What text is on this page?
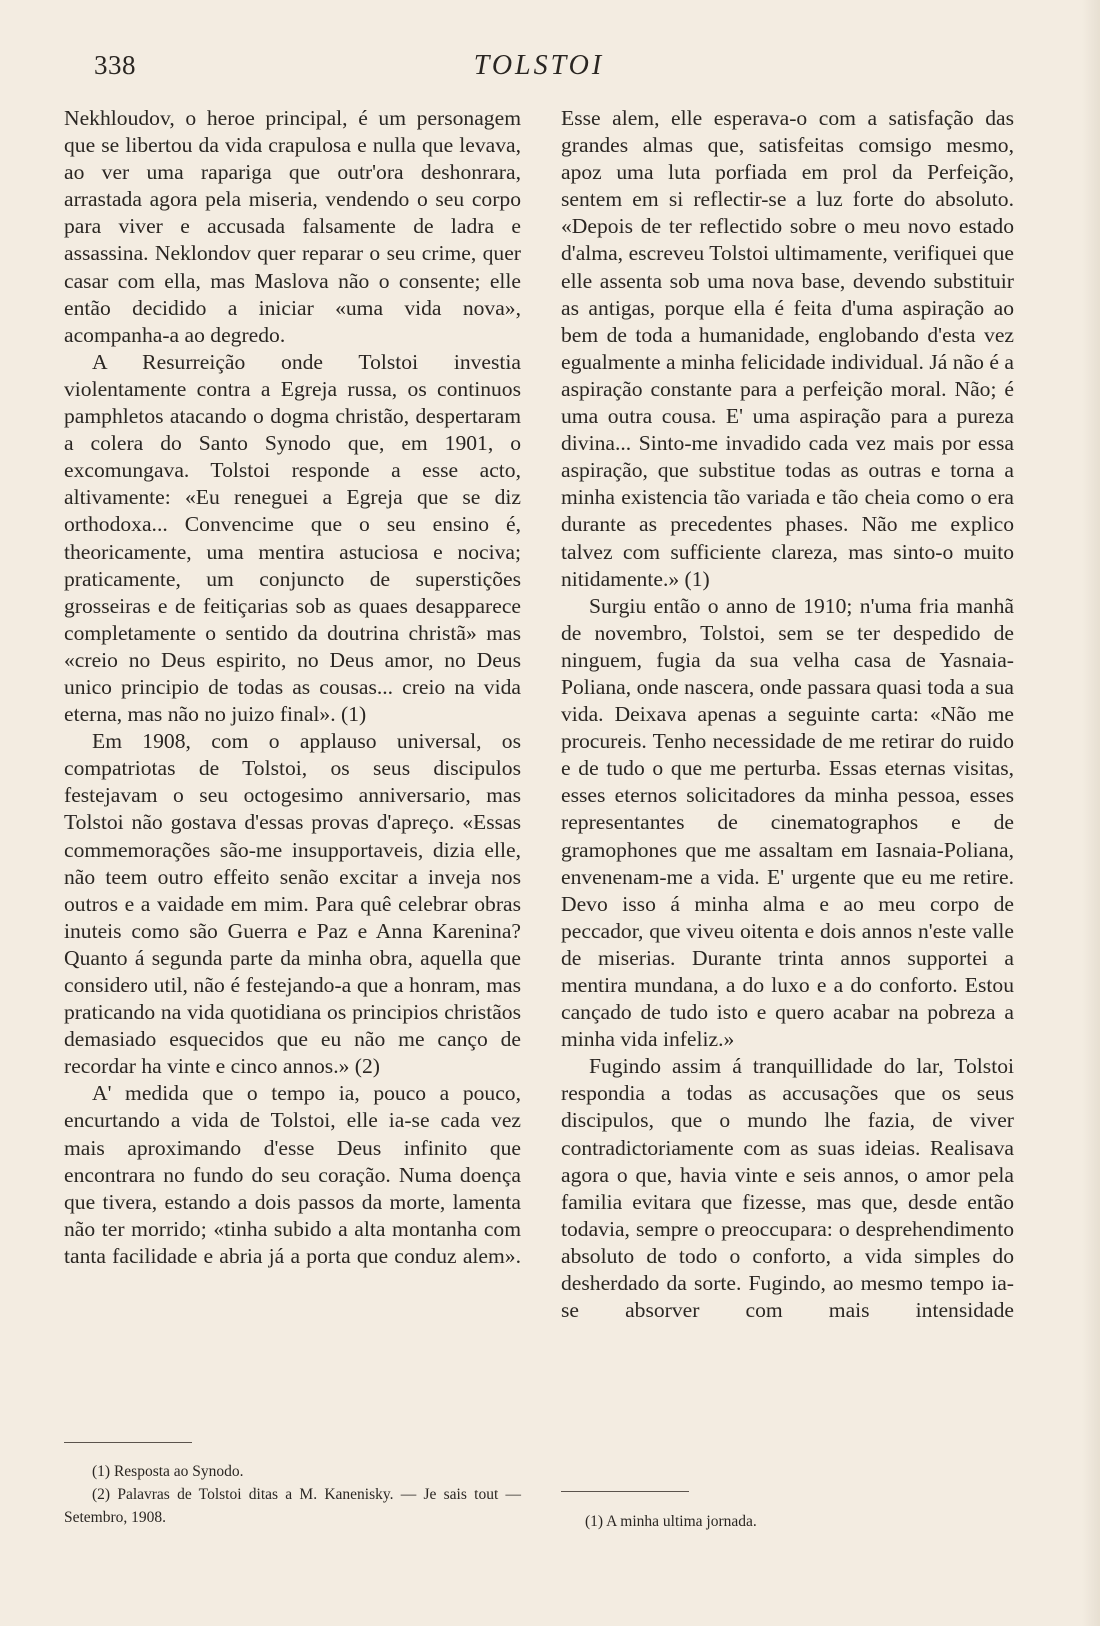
338	TOLSTOI

Nekhloudov, o heroe principal, é um personagem que se libertou da vida crapulosa e nulla que levava, ao ver uma rapariga que outr'ora deshonrara, arrastada agora pela miseria, vendendo o seu corpo para viver e accusada falsamente de ladra e assassina. Neklondov quer reparar o seu crime, quer casar com ella, mas Maslova não o consente; elle então decidido a iniciar «uma vida nova», acompanha-a ao degredo.

A Resurreição onde Tolstoi investia violentamente contra a Egreja russa, os continuos pamphletos atacando o dogma christão, despertaram a colera do Santo Synodo que, em 1901, o excomungava. Tolstoi responde a esse acto, altivamente: «Eu reneguei a Egreja que se diz orthodoxa... Convencime que o seu ensino é, theoricamente, uma mentira astuciosa e nociva; praticamente, um conjuncto de superstições grosseiras e de feitiçarias sob as quaes desapparece completamente o sentido da doutrina christã» mas «creio no Deus espirito, no Deus amor, no Deus unico principio de todas as cousas... creio na vida eterna, mas não no juizo final». (1)

Em 1908, com o applauso universal, os compatriotas de Tolstoi, os seus discipulos festejavam o seu octogesimo anniversario, mas Tolstoi não gostava d'essas provas d'apreço. «Essas commemorações são-me insupportaveis, dizia elle, não teem outro effeito senão excitar a inveja nos outros e a vaidade em mim. Para quê celebrar obras inuteis como são Guerra e Paz e Anna Karenina? Quanto á segunda parte da minha obra, aquella que considero util, não é festejando-a que a honram, mas praticando na vida quotidiana os principios christãos demasiado esquecidos que eu não me canço de recordar ha vinte e cinco annos.» (2)

A' medida que o tempo ia, pouco a pouco, encurtando a vida de Tolstoi, elle ia-se cada vez mais aproximando d'esse Deus infinito que encontrara no fundo do seu coração. Numa doença que tivera, estando a dois passos da morte, lamenta não ter morrido; «tinha subido a alta montanha com tanta facilidade e abria já a porta que conduz alem».

Esse alem, elle esperava-o com a satisfação das grandes almas que, satisfeitas comsigo mesmo, apoz uma luta porfiada em prol da Perfeição, sentem em si reflectir-se a luz forte do absoluto. «Depois de ter reflectido sobre o meu novo estado d'alma, escreveu Tolstoi ultimamente, verifiquei que elle assenta sob uma nova base, devendo substituir as antigas, porque ella é feita d'uma aspiração ao bem de toda a humanidade, englobando d'esta vez egualmente a minha felicidade individual. Já não é a aspiração constante para a perfeição moral. Não; é uma outra cousa. E' uma aspiração para a pureza divina... Sinto-me invadido cada vez mais por essa aspiração, que substitue todas as outras e torna a minha existencia tão variada e tão cheia como o era durante as precedentes phases. Não me explico talvez com sufficiente clareza, mas sinto-o muito nitidamente.» (1)

Surgiu então o anno de 1910; n'uma fria manhã de novembro, Tolstoi, sem se ter despedido de ninguem, fugia da sua velha casa de Yasnaia-Poliana, onde nascera, onde passara quasi toda a sua vida. Deixava apenas a seguinte carta: «Não me procureis. Tenho necessidade de me retirar do ruido e de tudo o que me perturba. Essas eternas visitas, esses eternos solicitadores da minha pessoa, esses representantes de cinematographos e de gramophones que me assaltam em Iasnaia-Poliana, envenenam-me a vida. E' urgente que eu me retire. Devo isso á minha alma e ao meu corpo de peccador, que viveu oitenta e dois annos n'este valle de miserias. Durante trinta annos supportei a mentira mundana, a do luxo e a do conforto. Estou cançado de tudo isto e quero acabar na pobreza a minha vida infeliz.»

Fugindo assim á tranquillidade do lar, Tolstoi respondia a todas as accusações que os seus discipulos, que o mundo lhe fazia, de viver contradictoriamente com as suas ideias. Realisava agora o que, havia vinte e seis annos, o amor pela familia evitara que fizesse, mas que, desde então todavia, sempre o preoccupara: o desprehendimento absoluto de todo o conforto, a vida simples do desherdado da sorte. Fugindo, ao mesmo tempo ia-se absorver com mais intensidade

(1) Resposta ao Synodo.

(2) Palavras de Tolstoi ditas a M. Kanenisky. — Je sais tout — Setembro, 1908.	(1) A minha ultima jornada.
